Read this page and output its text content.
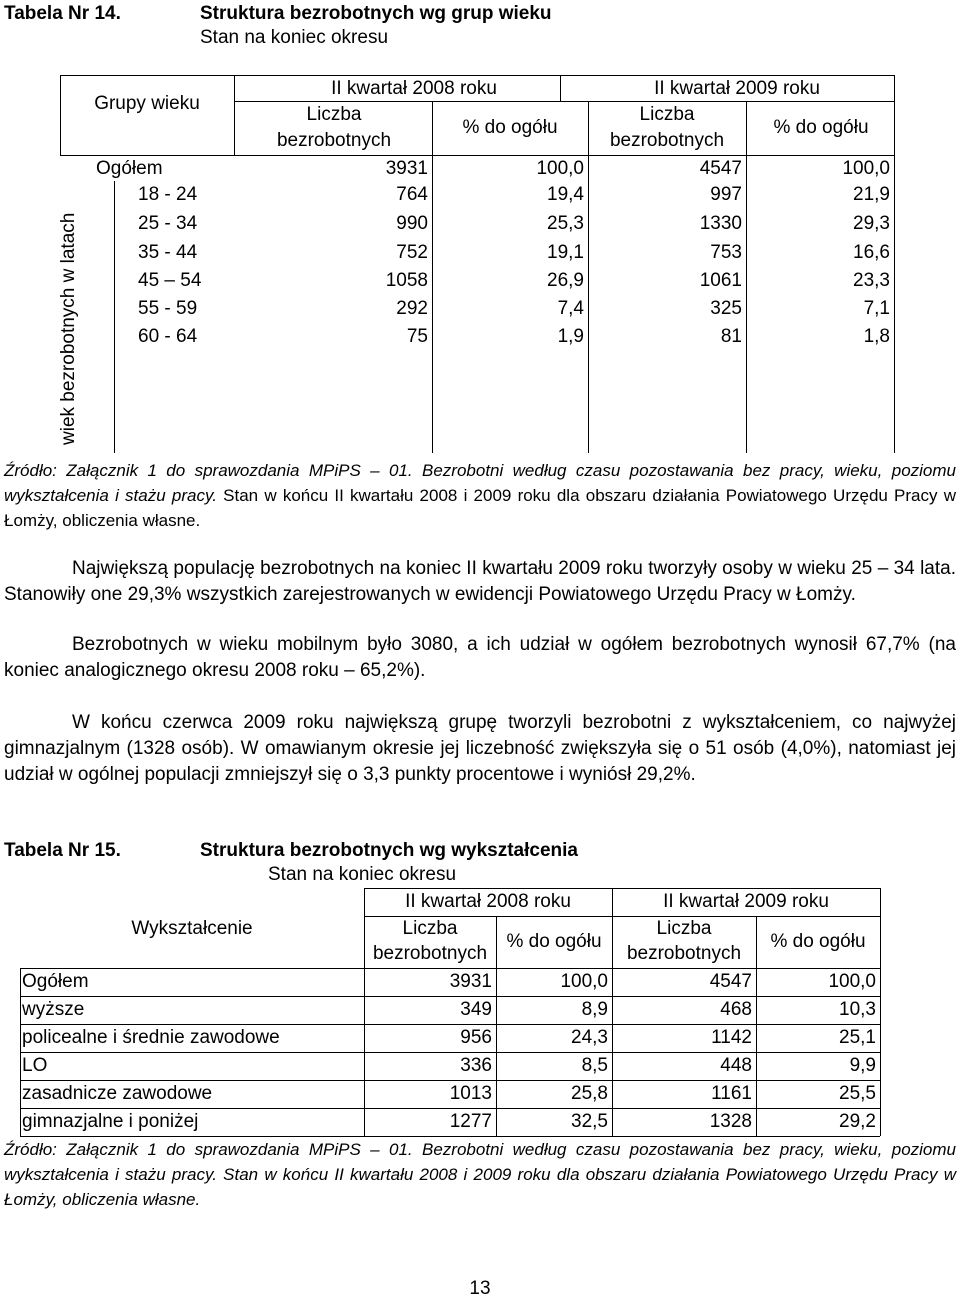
Tabela Nr 14.	Struktura bezrobotnych wg grup wieku
Stan na koniec okresu
Grupy wieku
II kwartał 2008 roku	II kwartał 2009 roku
Liczba
bezrobotnych
% do ogółu
Liczba
bezrobotnych
% do ogółu
Ogółem	3931	100,0	4547	100,0
wiek bezrobotnych w latach
18 - 24	764	19,4	997	21,9
25 - 34	990	25,3	1330	29,3
35 - 44	752	19,1	753	16,6
45 – 54	1058	26,9	1061	23,3
55 - 59	292	7,4	325	7,1
60 - 64	75	1,9	81	1,8
Źródło: Załącznik 1 do sprawozdania MPiPS – 01. Bezrobotni według czasu pozostawania bez pracy, wieku, poziomu wykształcenia i stażu pracy. Stan w końcu II kwartału 2008 i 2009 roku dla obszaru działania Powiatowego Urzędu Pracy w Łomży, obliczenia własne.
Największą populację bezrobotnych na koniec II kwartału 2009 roku tworzyły osoby w wieku 25 – 34 lata. Stanowiły one 29,3% wszystkich zarejestrowanych w ewidencji Powiatowego Urzędu Pracy w Łomży.
Bezrobotnych w wieku mobilnym było 3080, a ich udział w ogółem bezrobotnych wynosił 67,7% (na koniec analogicznego okresu 2008 roku – 65,2%).
W końcu czerwca 2009 roku największą grupę tworzyli bezrobotni z wykształceniem, co najwyżej gimnazjalnym (1328 osób). W omawianym okresie jej liczebność zwiększyła się o 51 osób (4,0%), natomiast jej udział w ogólnej populacji zmniejszył się o 3,3 punkty procentowe i wyniósł 29,2%.
Tabela Nr 15.	Struktura bezrobotnych wg wykształcenia
Stan na koniec okresu
Wykształcenie
II kwartał 2008 roku	II kwartał 2009 roku
Liczba
bezrobotnych
% do ogółu
Liczba
bezrobotnych
% do ogółu
Ogółem	3931	100,0	4547	100,0
wyższe	349	8,9	468	10,3
policealne i średnie zawodowe	956	24,3	1142	25,1
LO	336	8,5	448	9,9
zasadnicze zawodowe	1013	25,8	1161	25,5
gimnazjalne i poniżej	1277	32,5	1328	29,2
Źródło: Załącznik 1 do sprawozdania MPiPS – 01. Bezrobotni według czasu pozostawania bez pracy, wieku, poziomu wykształcenia i stażu pracy. Stan w końcu II kwartału 2008 i 2009 roku dla obszaru działania Powiatowego Urzędu Pracy w Łomży, obliczenia własne.
13
